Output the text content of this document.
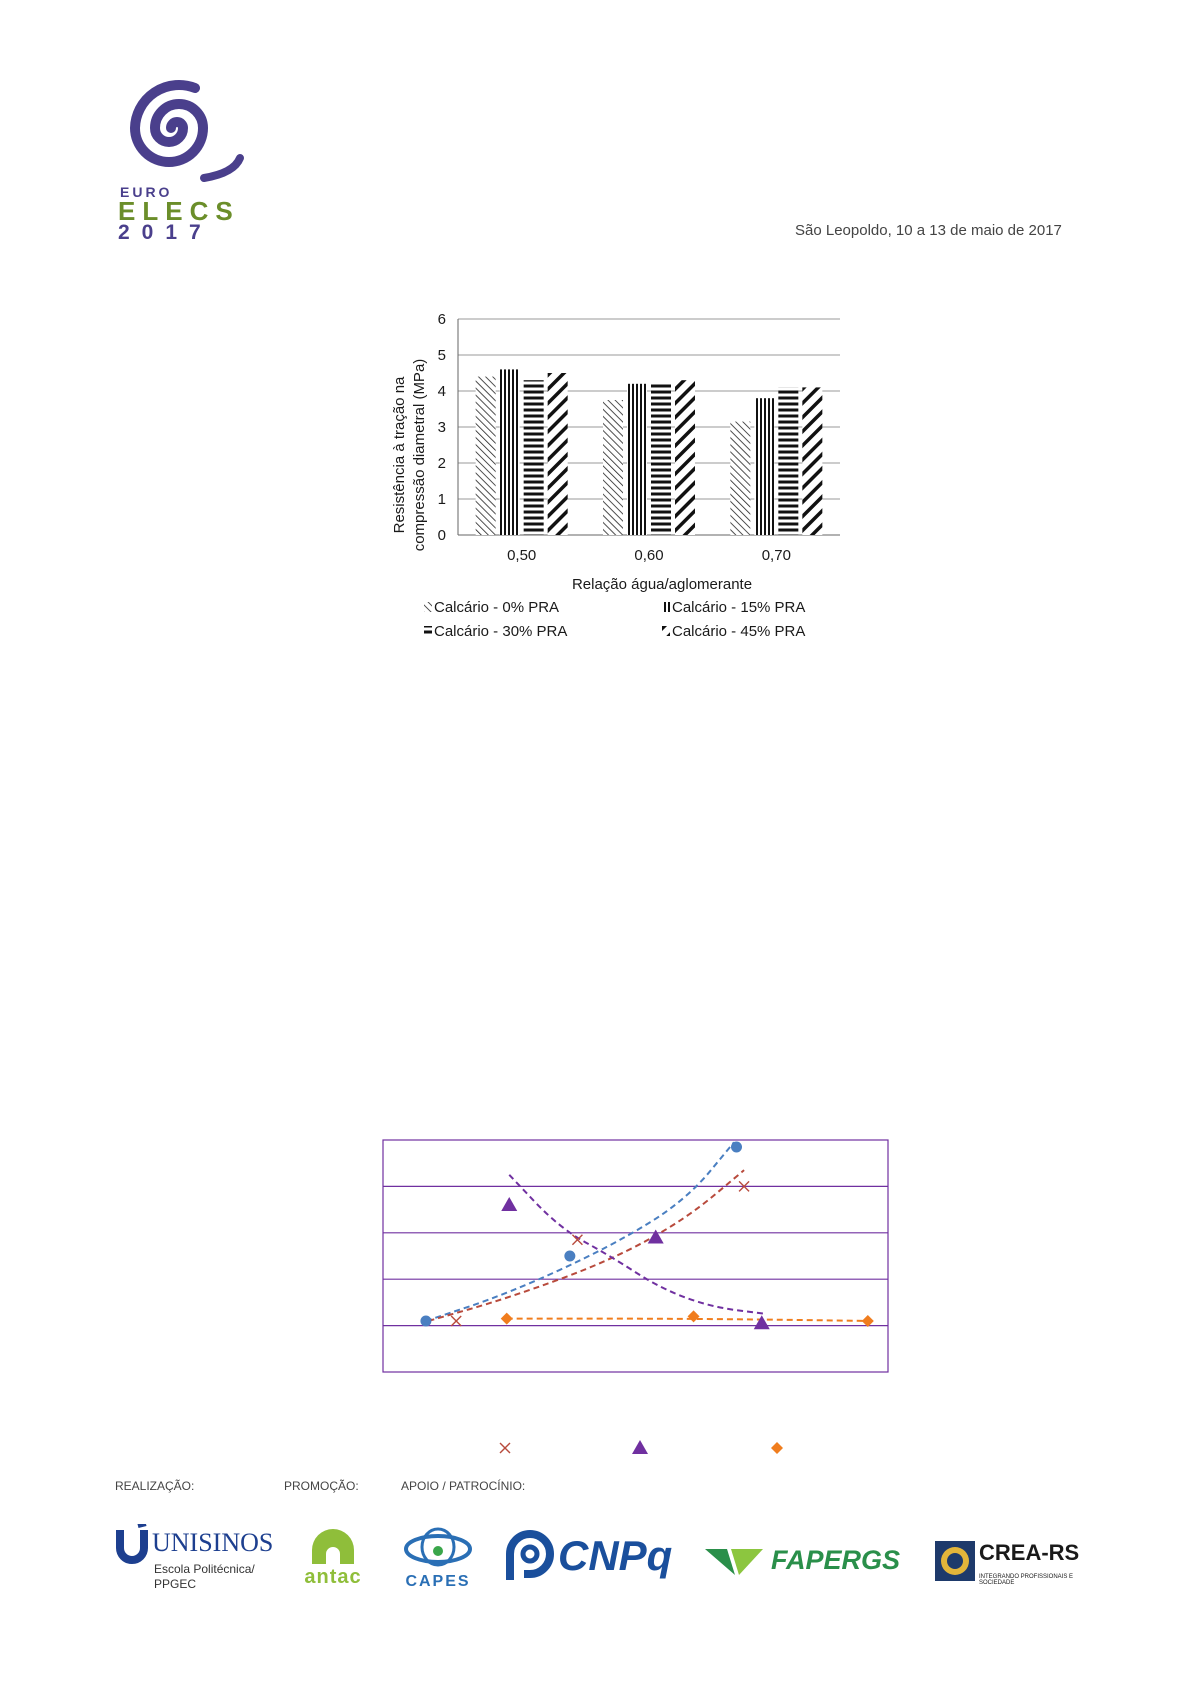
EURO
ELECS
2017	São Leopoldo, 10 a 13 de maio de 2017
0
1
2
3
4
5
6
0,50	0,60	0,70
Resistência à tração na compressão diametral (MPa)
Relação água/aglomerante
Calcário - 0% PRA	Calcário - 15% PRA
Calcário - 30% PRA	Calcário - 45% PRA
REALIZAÇÃO:	PROMOÇÃO:	APOIO / PATROCÍNIO:
UNISINOS
Escola Politécnica/
PPGEC	antac	CAPES
CNPq	FAPERGS	CREA-RS
INTEGRANDO PROFISSIONAIS E SOCIEDADE
